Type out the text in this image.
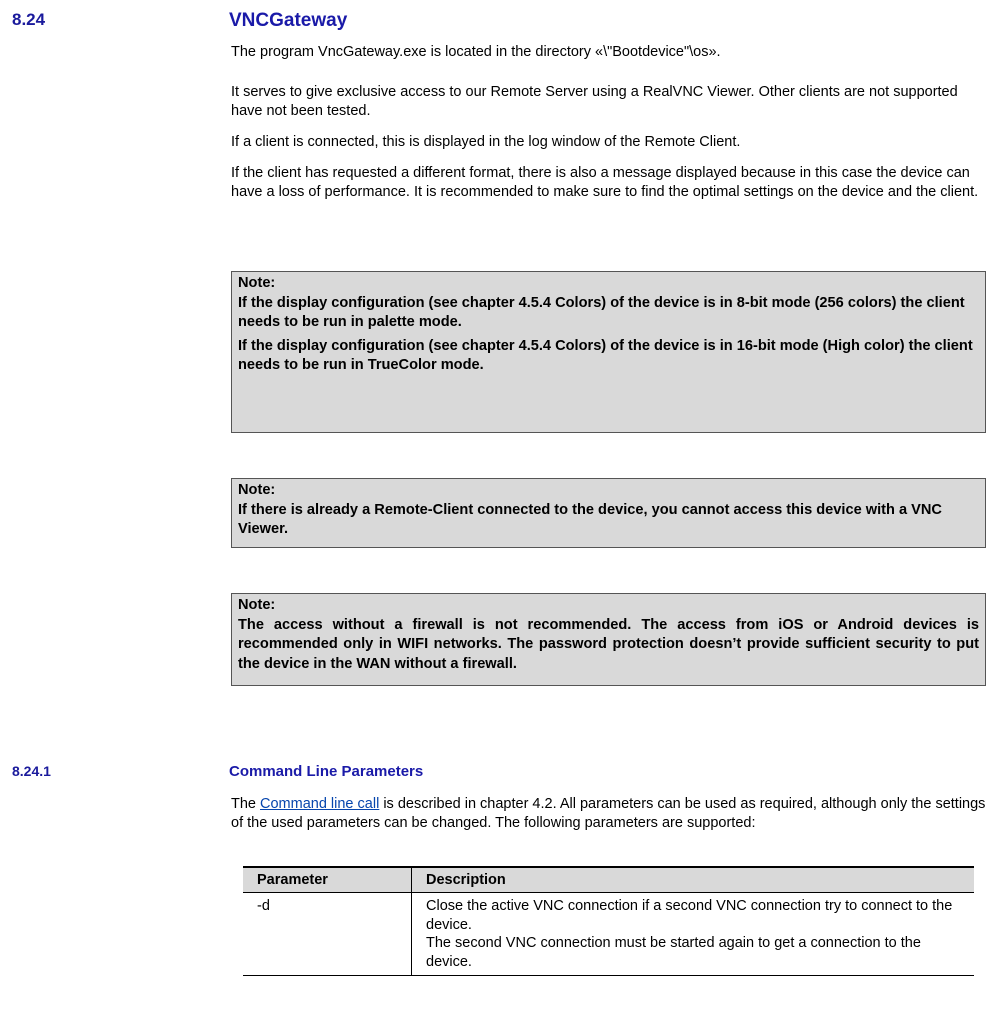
8.24	VNCGateway
The program VncGateway.exe is located in the directory «\"Bootdevice"\os».
It serves to give exclusive access to our Remote Server using a RealVNC Viewer. Other clients are not supported have not been tested.
If a client is connected, this is displayed in the log window of the Remote Client.
If the client has requested a different format, there is also a message displayed because in this case the device can have a loss of performance. It is recommended to make sure to find the optimal settings on the device and the client.
Note:
If the display configuration (see chapter 4.5.4 Colors) of the device is in 8-bit mode (256 colors) the client needs to be run in palette mode.
If the display configuration (see chapter 4.5.4 Colors) of the device is in 16-bit mode (High color) the client needs to be run in TrueColor mode.
Note:
If there is already a Remote-Client connected to the device, you cannot access this device with a VNC Viewer.
Note:
The access without a firewall is not recommended. The access from iOS or Android devices is recommended only in WIFI networks. The password protection doesn’t provide sufficient security to put the device in the WAN without a firewall.
8.24.1	Command Line Parameters
The Command line call is described in chapter 4.2. All parameters can be used as required, although only the settings of the used parameters can be changed. The following parameters are supported:
Parameter	Description
-d	Close the active VNC connection if a second VNC connection try to connect to the device.
The second VNC connection must be started again to get a connection to the device.
